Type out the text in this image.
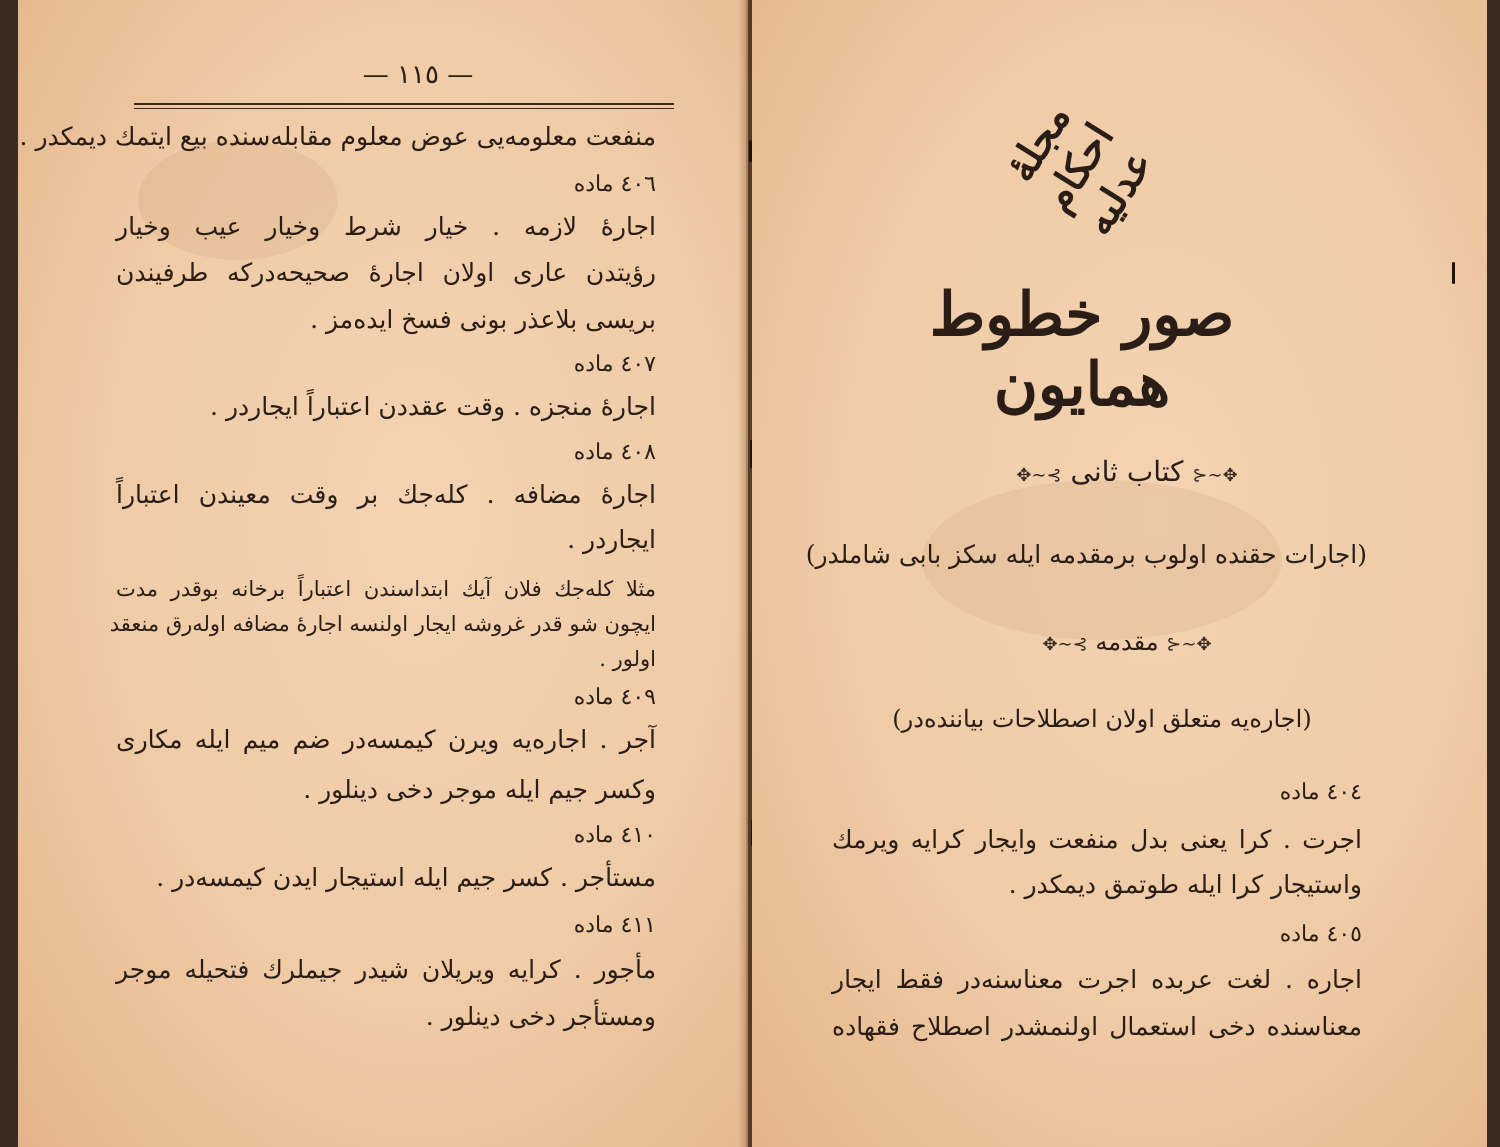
— ١١٥ —
منفعت معلومه‌يى عوض معلوم مقابله‌سنده بيع ايتمك ديمكدر .
٤٠٦ ماده
اجارهٔ لازمه . خيار شرط وخيار عيب وخيار
رؤيتدن عارى اولان اجارهٔ صحيحه‌دركه طرفيندن
بريسى بلاعذر بونى فسخ ايده‌مز .
٤٠٧ ماده
اجارهٔ منجزه . وقت عقددن اعتباراً ايجاردر .
٤٠٨ ماده
اجارهٔ مضافه . كله‌جك بر وقت معيندن اعتباراً
ايجاردر .
مثلا كله‌جك فلان آيك ابتداسندن اعتباراً برخانه بوقدر مدت
ايچون شو قدر غروشه ايجار اولنسه اجارهٔ مضافه اوله‌رق منعقد
اولور .
٤٠٩ ماده
آجر . اجاره‌يه ويرن كيمسه‌در ضم ميم ايله مكارى
وكسر جيم ايله موجر دخى دينلور .
٤١٠ ماده
مستأجر . كسر جيم ايله استيجار ايدن كيمسه‌در .
٤١١ ماده
مأجور . كرايه ويريلان شيدر جيملرك فتحيله موجر
ومستأجر دخى دينلور .
مجلهٔ احكام عدليه
صور خطوط همايون
✥∽⊰ كتاب ثانى ⊱∽✥
(اجارات حقنده اولوب برمقدمه ايله سكز بابى شاملدر)
✥∽⊰ مقدمه ⊱∽✥
(اجاره‌يه متعلق اولان اصطلاحات بياننده‌در)
٤٠٤ ماده
اجرت . كرا يعنى بدل منفعت وايجار كرايه ويرمك
واستيجار كرا ايله طوتمق ديمكدر .
٤٠٥ ماده
اجاره . لغت عربده اجرت معناسنه‌در فقط ايجار
معناسنده دخى استعمال اولنمشدر اصطلاح فقهاده
